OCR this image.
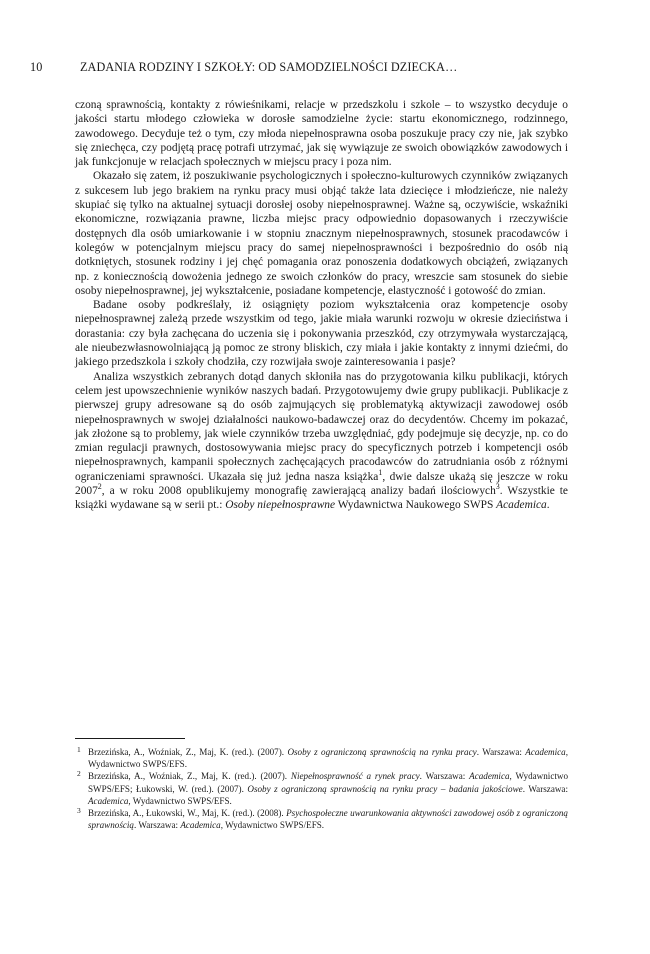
10	ZADANIA RODZINY I SZKOŁY: OD SAMODZIELNOŚCI DZIECKA…

czoną sprawnością, kontakty z rówieśnikami, relacje w przedszkolu i szkole – to wszystko decyduje o jakości startu młodego człowieka w dorosłe samodzielne życie: startu ekonomicznego, rodzinnego, zawodowego. Decyduje też o tym, czy młoda niepełnosprawna osoba poszukuje pracy czy nie, jak szybko się zniechęca, czy podjętą pracę potrafi utrzymać, jak się wywiązuje ze swoich obowiązków zawodowych i jak funkcjonuje w relacjach społecznych w miejscu pracy i poza nim.

Okazało się zatem, iż poszukiwanie psychologicznych i społeczno-kulturowych czynników związanych z sukcesem lub jego brakiem na rynku pracy musi objąć także lata dziecięce i młodzieńcze, nie należy skupiać się tylko na aktualnej sytuacji dorosłej osoby niepełnosprawnej. Ważne są, oczywiście, wskaźniki ekonomiczne, rozwiązania prawne, liczba miejsc pracy odpowiednio dopasowanych i rzeczywiście dostępnych dla osób umiarkowanie i w stopniu znacznym niepełnosprawnych, stosunek pracodawców i kolegów w potencjalnym miejscu pracy do samej niepełnosprawności i bezpośrednio do osób nią dotkniętych, stosunek rodziny i jej chęć pomagania oraz ponoszenia dodatkowych obciążeń, związanych np. z koniecznością dowożenia jednego ze swoich członków do pracy, wreszcie sam stosunek do siebie osoby niepełnosprawnej, jej wykształcenie, posiadane kompetencje, elastyczność i gotowość do zmian.

Badane osoby podkreślały, iż osiągnięty poziom wykształcenia oraz kompetencje osoby niepełnosprawnej zależą przede wszystkim od tego, jakie miała warunki rozwoju w okresie dzieciństwa i dorastania: czy była zachęcana do uczenia się i pokonywania przeszkód, czy otrzymywała wystarczającą, ale nieubezwłasnowolniającą ją pomoc ze strony bliskich, czy miała i jakie kontakty z innymi dziećmi, do jakiego przedszkola i szkoły chodziła, czy rozwijała swoje zainteresowania i pasje?

Analiza wszystkich zebranych dotąd danych skłoniła nas do przygotowania kilku publikacji, których celem jest upowszechnienie wyników naszych badań. Przygotowujemy dwie grupy publikacji. Publikacje z pierwszej grupy adresowane są do osób zajmujących się problematyką aktywizacji zawodowej osób niepełnosprawnych w swojej działalności naukowo-badawczej oraz do decydentów. Chcemy im pokazać, jak złożone są to problemy, jak wiele czynników trzeba uwzględniać, gdy podejmuje się decyzje, np. co do zmian regulacji prawnych, dostosowywania miejsc pracy do specyficznych potrzeb i kompetencji osób niepełnosprawnych, kampanii społecznych zachęcających pracodawców do zatrudniania osób z różnymi ograniczeniami sprawności. Ukazała się już jedna nasza książka$^1$, dwie dalsze ukażą się jeszcze w roku 2007$^2$, a w roku 2008 opublikujemy monografię zawierającą analizy badań ilościowych$^3$. Wszystkie te książki wydawane są w serii pt.: Osoby niepełnosprawne Wydawnictwa Naukowego SWPS Academica.

1 Brzezińska, A., Woźniak, Z., Maj, K. (red.). (2007). Osoby z ograniczoną sprawnością na rynku pracy. Warszawa: Academica, Wydawnictwo SWPS/EFS.

2 Brzezińska, A., Woźniak, Z., Maj, K. (red.). (2007). Niepełnosprawność a rynek pracy. Warszawa: Academica, Wydawnictwo SWPS/EFS; Łukowski, W. (red.). (2007). Osoby z ograniczoną sprawnością na rynku pracy – badania jakościowe. Warszawa: Academica, Wydawnictwo SWPS/EFS.

3 Brzezińska, A., Łukowski, W., Maj, K. (red.). (2008). Psychospołeczne uwarunkowania aktywności zawodowej osób z ograniczoną sprawnością. Warszawa: Academica, Wydawnictwo SWPS/EFS.
